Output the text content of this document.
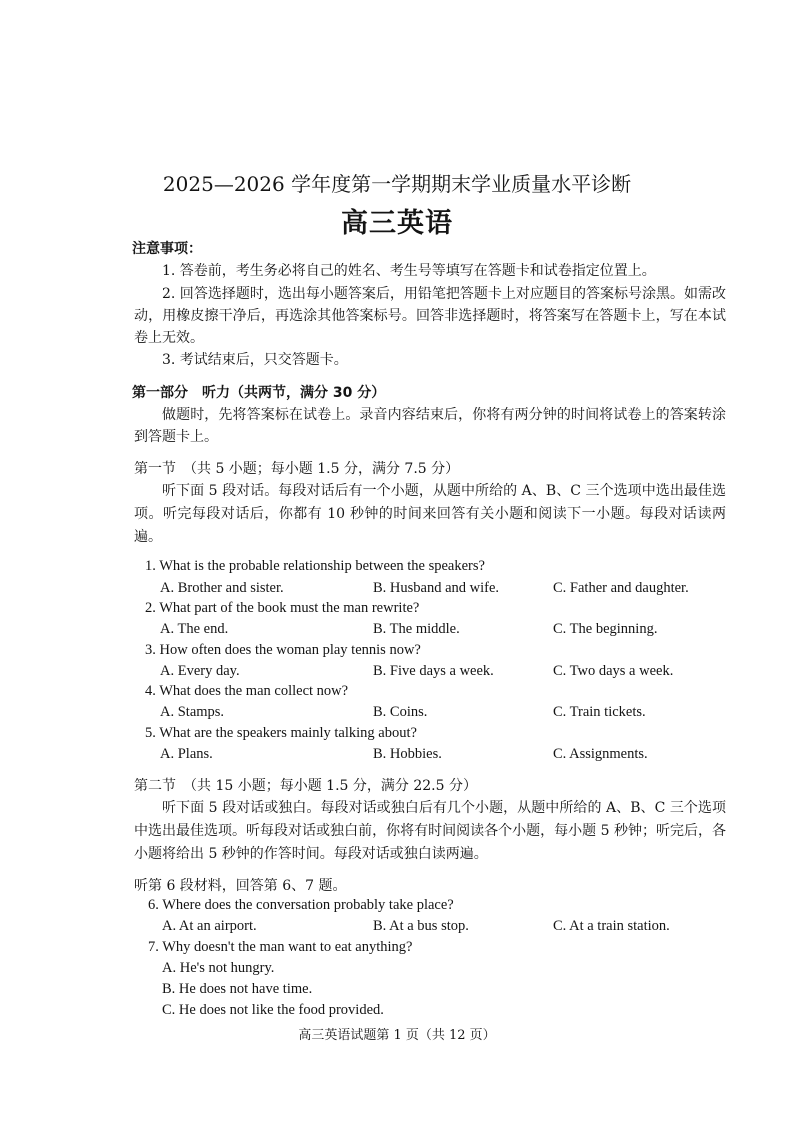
2025—2026 学年度第一学期期末学业质量水平诊断
高三英语
注意事项：
1. 答卷前，考生务必将自己的姓名、考生号等填写在答题卡和试卷指定位置上。
2. 回答选择题时，选出每小题答案后，用铅笔把答题卡上对应题目的答案标号涂黑。如需改动，用橡皮擦干净后，再选涂其他答案标号。回答非选择题时，将答案写在答题卡上，写在本试卷上无效。
3. 考试结束后，只交答题卡。
第一部分　听力（共两节，满分 30 分）
做题时，先将答案标在试卷上。录音内容结束后，你将有两分钟的时间将试卷上的答案转涂到答题卡上。
第一节　（共 5 小题；每小题 1.5 分，满分 7.5 分）
听下面 5 段对话。每段对话后有一个小题，从题中所给的 A、B、C 三个选项中选出最佳选项。听完每段对话后，你都有 10 秒钟的时间来回答有关小题和阅读下一小题。每段对话读两遍。
1. What is the probable relationship between the speakers?
A. Brother and sister.	B. Husband and wife.	C. Father and daughter.
2. What part of the book must the man rewrite?
A. The end.	B. The middle.	C. The beginning.
3. How often does the woman play tennis now?
A. Every day.	B. Five days a week.	C. Two days a week.
4. What does the man collect now?
A. Stamps.	B. Coins.	C. Train tickets.
5. What are the speakers mainly talking about?
A. Plans.	B. Hobbies.	C. Assignments.
第二节　（共 15 小题；每小题 1.5 分，满分 22.5 分）
听下面 5 段对话或独白。每段对话或独白后有几个小题，从题中所给的 A、B、C 三个选项中选出最佳选项。听每段对话或独白前，你将有时间阅读各个小题，每小题 5 秒钟；听完后，各小题将给出 5 秒钟的作答时间。每段对话或独白读两遍。
听第 6 段材料，回答第 6、7 题。
6. Where does the conversation probably take place?
A. At an airport.	B. At a bus stop.	C. At a train station.
7. Why doesn't the man want to eat anything?
A. He's not hungry.
B. He does not have time.
C. He does not like the food provided.
高三英语试题第 1 页（共 12 页）
